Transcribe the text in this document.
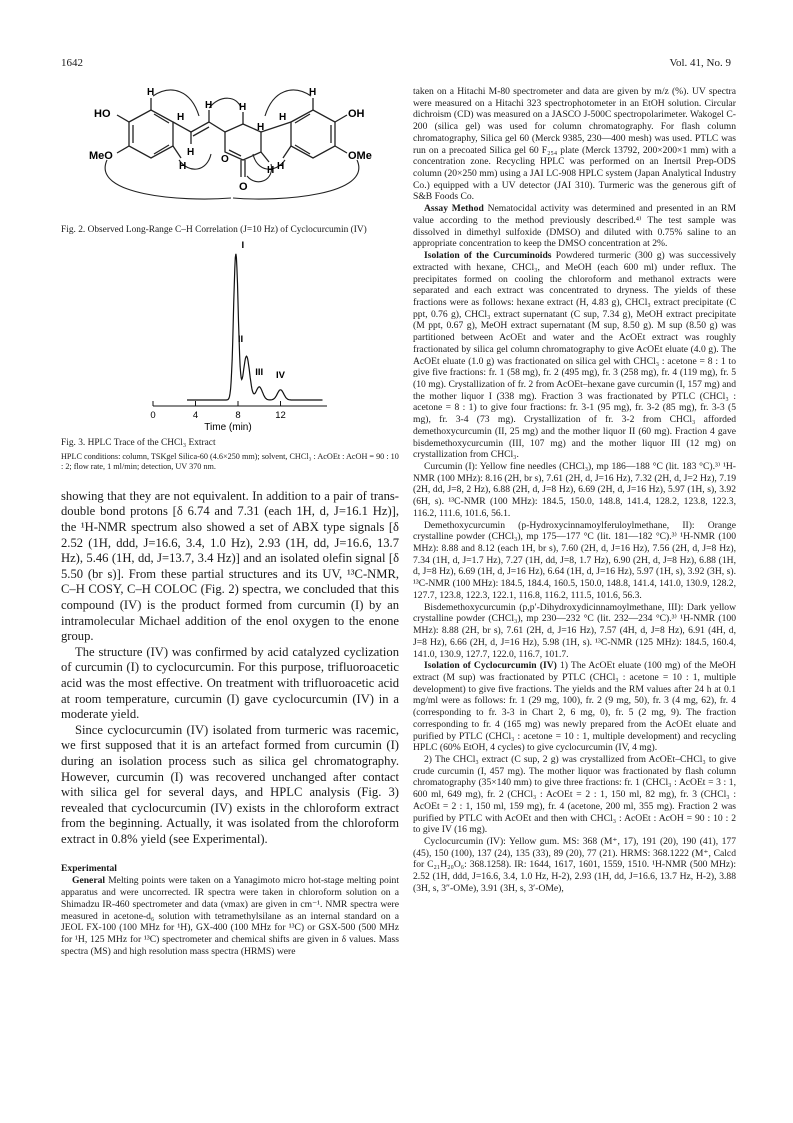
1642	Vol. 41, No. 9
HO	OH
MeO	OMe
O
O
H	H
H	H
H
H	H
H
H	H
H

Fig. 2. Observed Long-Range C–H Correlation (J=10 Hz) of Cyclocurcumin (IV)

0	4	8	12
Time (min)
I
II
III IV

Fig. 3. HPLC Trace of the CHCl₃ Extract

HPLC conditions: column, TSKgel Silica-60 (4.6×250 mm); solvent, CHCl₃ : AcOEt : AcOH = 90 : 10 : 2; flow rate, 1 ml/min; detection, UV 370 nm.

showing that they are not equivalent. In addition to a pair of trans-double bond protons [δ 6.74 and 7.31 (each 1H, d, J=16.1 Hz)], the ¹H-NMR spectrum also showed a set of ABX type signals [δ 2.52 (1H, ddd, J=16.6, 3.4, 1.0 Hz), 2.93 (1H, dd, J=16.6, 13.7 Hz), 5.46 (1H, dd, J=13.7, 3.4 Hz)] and an isolated olefin signal [δ 5.50 (br s)]. From these partial structures and its UV, ¹³C-NMR, C–H COSY, C–H COLOC (Fig. 2) spectra, we concluded that this compound (IV) is the product formed from curcumin (I) by an intramolecular Michael addition of the enol oxygen to the enone group.

The structure (IV) was confirmed by acid catalyzed cyclization of curcumin (I) to cyclocurcumin. For this purpose, trifluoroacetic acid was the most effective. On treatment with trifluoroacetic acid at room temperature, curcumin (I) gave cyclocurcumin (IV) in a moderate yield.

Since cyclocurcumin (IV) isolated from turmeric was racemic, we first supposed that it is an artefact formed from curcumin (I) during an isolation process such as silica gel chromatography. However, curcumin (I) was recovered unchanged after contact with silica gel for several days, and HPLC analysis (Fig. 3) revealed that cyclocurcumin (IV) exists in the chloroform extract from the beginning. Actually, it was isolated from the chloroform extract in 0.8% yield (see Experimental).

Experimental

General Melting points were taken on a Yanagimoto micro hot-stage melting point apparatus and were uncorrected. IR spectra were taken in chloroform solution on a Shimadzu IR-460 spectrometer and data (νmax) are given in cm⁻¹. NMR spectra were measured in acetone-d₆ solution with tetramethylsilane as an internal standard on a JEOL FX-100 (100 MHz for ¹H), GX-400 (100 MHz for ¹³C) or GSX-500 (500 MHz for ¹H, 125 MHz for ¹³C) spectrometer and chemical shifts are given in δ values. Mass spectra (MS) and high resolution mass spectra (HRMS) were

taken on a Hitachi M-80 spectrometer and data are given by m/z (%). UV spectra were measured on a Hitachi 323 spectrophotometer in an EtOH solution. Circular dichroism (CD) was measured on a JASCO J-500C spectropolarimeter. Wakogel C-200 (silica gel) was used for column chromatography. For flash column chromatography, Silica gel 60 (Merck 9385, 230—400 mesh) was used. PTLC was run on a precoated Silica gel 60 F₂₅₄ plate (Merck 13792, 200×200×1 mm) with a concentration zone. Recycling HPLC was performed on an Inertsil Prep-ODS column (20×250 mm) using a JAI LC-908 HPLC system (Japan Analytical Industry Co.) equipped with a UV detector (JAI 310). Turmeric was the generous gift of S&B Foods Co.

Assay Method Nematocidal activity was determined and presented in an RM value according to the method previously described.⁴⁾ The test sample was dissolved in dimethyl sulfoxide (DMSO) and diluted with 0.75% saline to an appropriate concentration to keep the DMSO concentration at 2%.

Isolation of the Curcuminoids Powdered turmeric (300 g) was successively extracted with hexane, CHCl₃, and MeOH (each 600 ml) under reflux. The precipitates formed on cooling the chloroform and methanol extracts were separated and each extract was concentrated to dryness. The yields of these fractions were as follows: hexane extract (H, 4.83 g), CHCl₃ extract precipitate (C ppt, 0.76 g), CHCl₃ extract supernatant (C sup, 7.34 g), MeOH extract precipitate (M ppt, 0.67 g), MeOH extract supernatant (M sup, 8.50 g). M sup (8.50 g) was partitioned between AcOEt and water and the AcOEt extract was roughly fractionated by silica gel column chromatography to give AcOEt eluate (4.0 g). The AcOEt eluate (1.0 g) was fractionated on silica gel with CHCl₃ : acetone = 8 : 1 to give five fractions: fr. 1 (58 mg), fr. 2 (495 mg), fr. 3 (258 mg), fr. 4 (119 mg), fr. 5 (10 mg). Crystallization of fr. 2 from AcOEt–hexane gave curcumin (I, 157 mg) and the mother liquor I (338 mg). Fraction 3 was fractionated by PTLC (CHCl₃ : acetone = 8 : 1) to give four fractions: fr. 3-1 (95 mg), fr. 3-2 (85 mg), fr. 3-3 (5 mg), fr. 3-4 (73 mg). Crystallization of fr. 3-2 from CHCl₃ afforded demethoxycurcumin (II, 25 mg) and the mother liquor II (60 mg). Fraction 4 gave bisdemethoxycurcumin (III, 107 mg) and the mother liquor III (12 mg) on crystallization from CHCl₃.

Curcumin (I): Yellow fine needles (CHCl₃), mp 186—188 °C (lit. 183 °C).³⁾ ¹H-NMR (100 MHz): 8.16 (2H, br s), 7.61 (2H, d, J=16 Hz), 7.32 (2H, d, J=2 Hz), 7.19 (2H, dd, J=8, 2 Hz), 6.88 (2H, d, J=8 Hz), 6.69 (2H, d, J=16 Hz), 5.97 (1H, s), 3.92 (6H, s). ¹³C-NMR (100 MHz): 184.5, 150.0, 148.8, 141.4, 128.2, 123.8, 122.3, 116.2, 111.6, 101.6, 56.1.

Demethoxycurcumin (p-Hydroxycinnamoylferuloylmethane, II): Orange crystalline powder (CHCl₃), mp 175—177 °C (lit. 181—182 °C).³⁾ ¹H-NMR (100 MHz): 8.88 and 8.12 (each 1H, br s), 7.60 (2H, d, J=16 Hz), 7.56 (2H, d, J=8 Hz), 7.34 (1H, d, J=1.7 Hz), 7.27 (1H, dd, J=8, 1.7 Hz), 6.90 (2H, d, J=8 Hz), 6.88 (1H, d, J=8 Hz), 6.69 (1H, d, J=16 Hz), 6.64 (1H, d, J=16 Hz), 5.97 (1H, s), 3.92 (3H, s). ¹³C-NMR (100 MHz): 184.5, 184.4, 160.5, 150.0, 148.8, 141.4, 141.0, 130.9, 128.2, 127.7, 123.8, 122.3, 122.1, 116.8, 116.2, 111.5, 101.6, 56.3.

Bisdemethoxycurcumin (p,p′-Dihydroxydicinnamoylmethane, III): Dark yellow crystalline powder (CHCl₃), mp 230—232 °C (lit. 232—234 °C).³⁾ ¹H-NMR (100 MHz): 8.88 (2H, br s), 7.61 (2H, d, J=16 Hz), 7.57 (4H, d, J=8 Hz), 6.91 (4H, d, J=8 Hz), 6.66 (2H, d, J=16 Hz), 5.98 (1H, s). ¹³C-NMR (125 MHz): 184.5, 160.4, 141.0, 130.9, 127.7, 122.0, 116.7, 101.7.

Isolation of Cyclocurcumin (IV) 1) The AcOEt eluate (100 mg) of the MeOH extract (M sup) was fractionated by PTLC (CHCl₃ : acetone = 10 : 1, multiple development) to give five fractions. The yields and the RM values after 24 h at 0.1 mg/ml were as follows: fr. 1 (29 mg, 100), fr. 2 (9 mg, 50), fr. 3 (4 mg, 62), fr. 4 (corresponding to fr. 3-3 in Chart 2, 6 mg, 0), fr. 5 (2 mg, 9). The fraction corresponding to fr. 4 (165 mg) was newly prepared from the AcOEt eluate and purified by PTLC (CHCl₃ : acetone = 10 : 1, multiple development) and recycling HPLC (60% EtOH, 4 cycles) to give cyclocurcumin (IV, 4 mg).

2) The CHCl₃ extract (C sup, 2 g) was crystallized from AcOEt–CHCl₃ to give crude curcumin (I, 457 mg). The mother liquor was fractionated by flash column chromatography (35×140 mm) to give three fractions: fr. 1 (CHCl₃ : AcOEt = 3 : 1, 600 ml, 649 mg), fr. 2 (CHCl₃ : AcOEt = 2 : 1, 150 ml, 82 mg), fr. 3 (CHCl₃ : AcOEt = 2 : 1, 150 ml, 159 mg), fr. 4 (acetone, 200 ml, 355 mg). Fraction 2 was purified by PTLC with AcOEt and then with CHCl₃ : AcOEt : AcOH = 90 : 10 : 2 to give IV (16 mg).

Cyclocurcumin (IV): Yellow gum. MS: 368 (M⁺, 17), 191 (20), 190 (41), 177 (45), 150 (100), 137 (24), 135 (33), 89 (20), 77 (21). HRMS: 368.1222 (M⁺, Calcd for C₂₁H₂₀O₆: 368.1258). IR: 1644, 1617, 1601, 1559, 1510. ¹H-NMR (500 MHz): 2.52 (1H, ddd, J=16.6, 3.4, 1.0 Hz, H-2), 2.93 (1H, dd, J=16.6, 13.7 Hz, H-2), 3.88 (3H, s, 3″-OMe), 3.91 (3H, s, 3′-OMe),
